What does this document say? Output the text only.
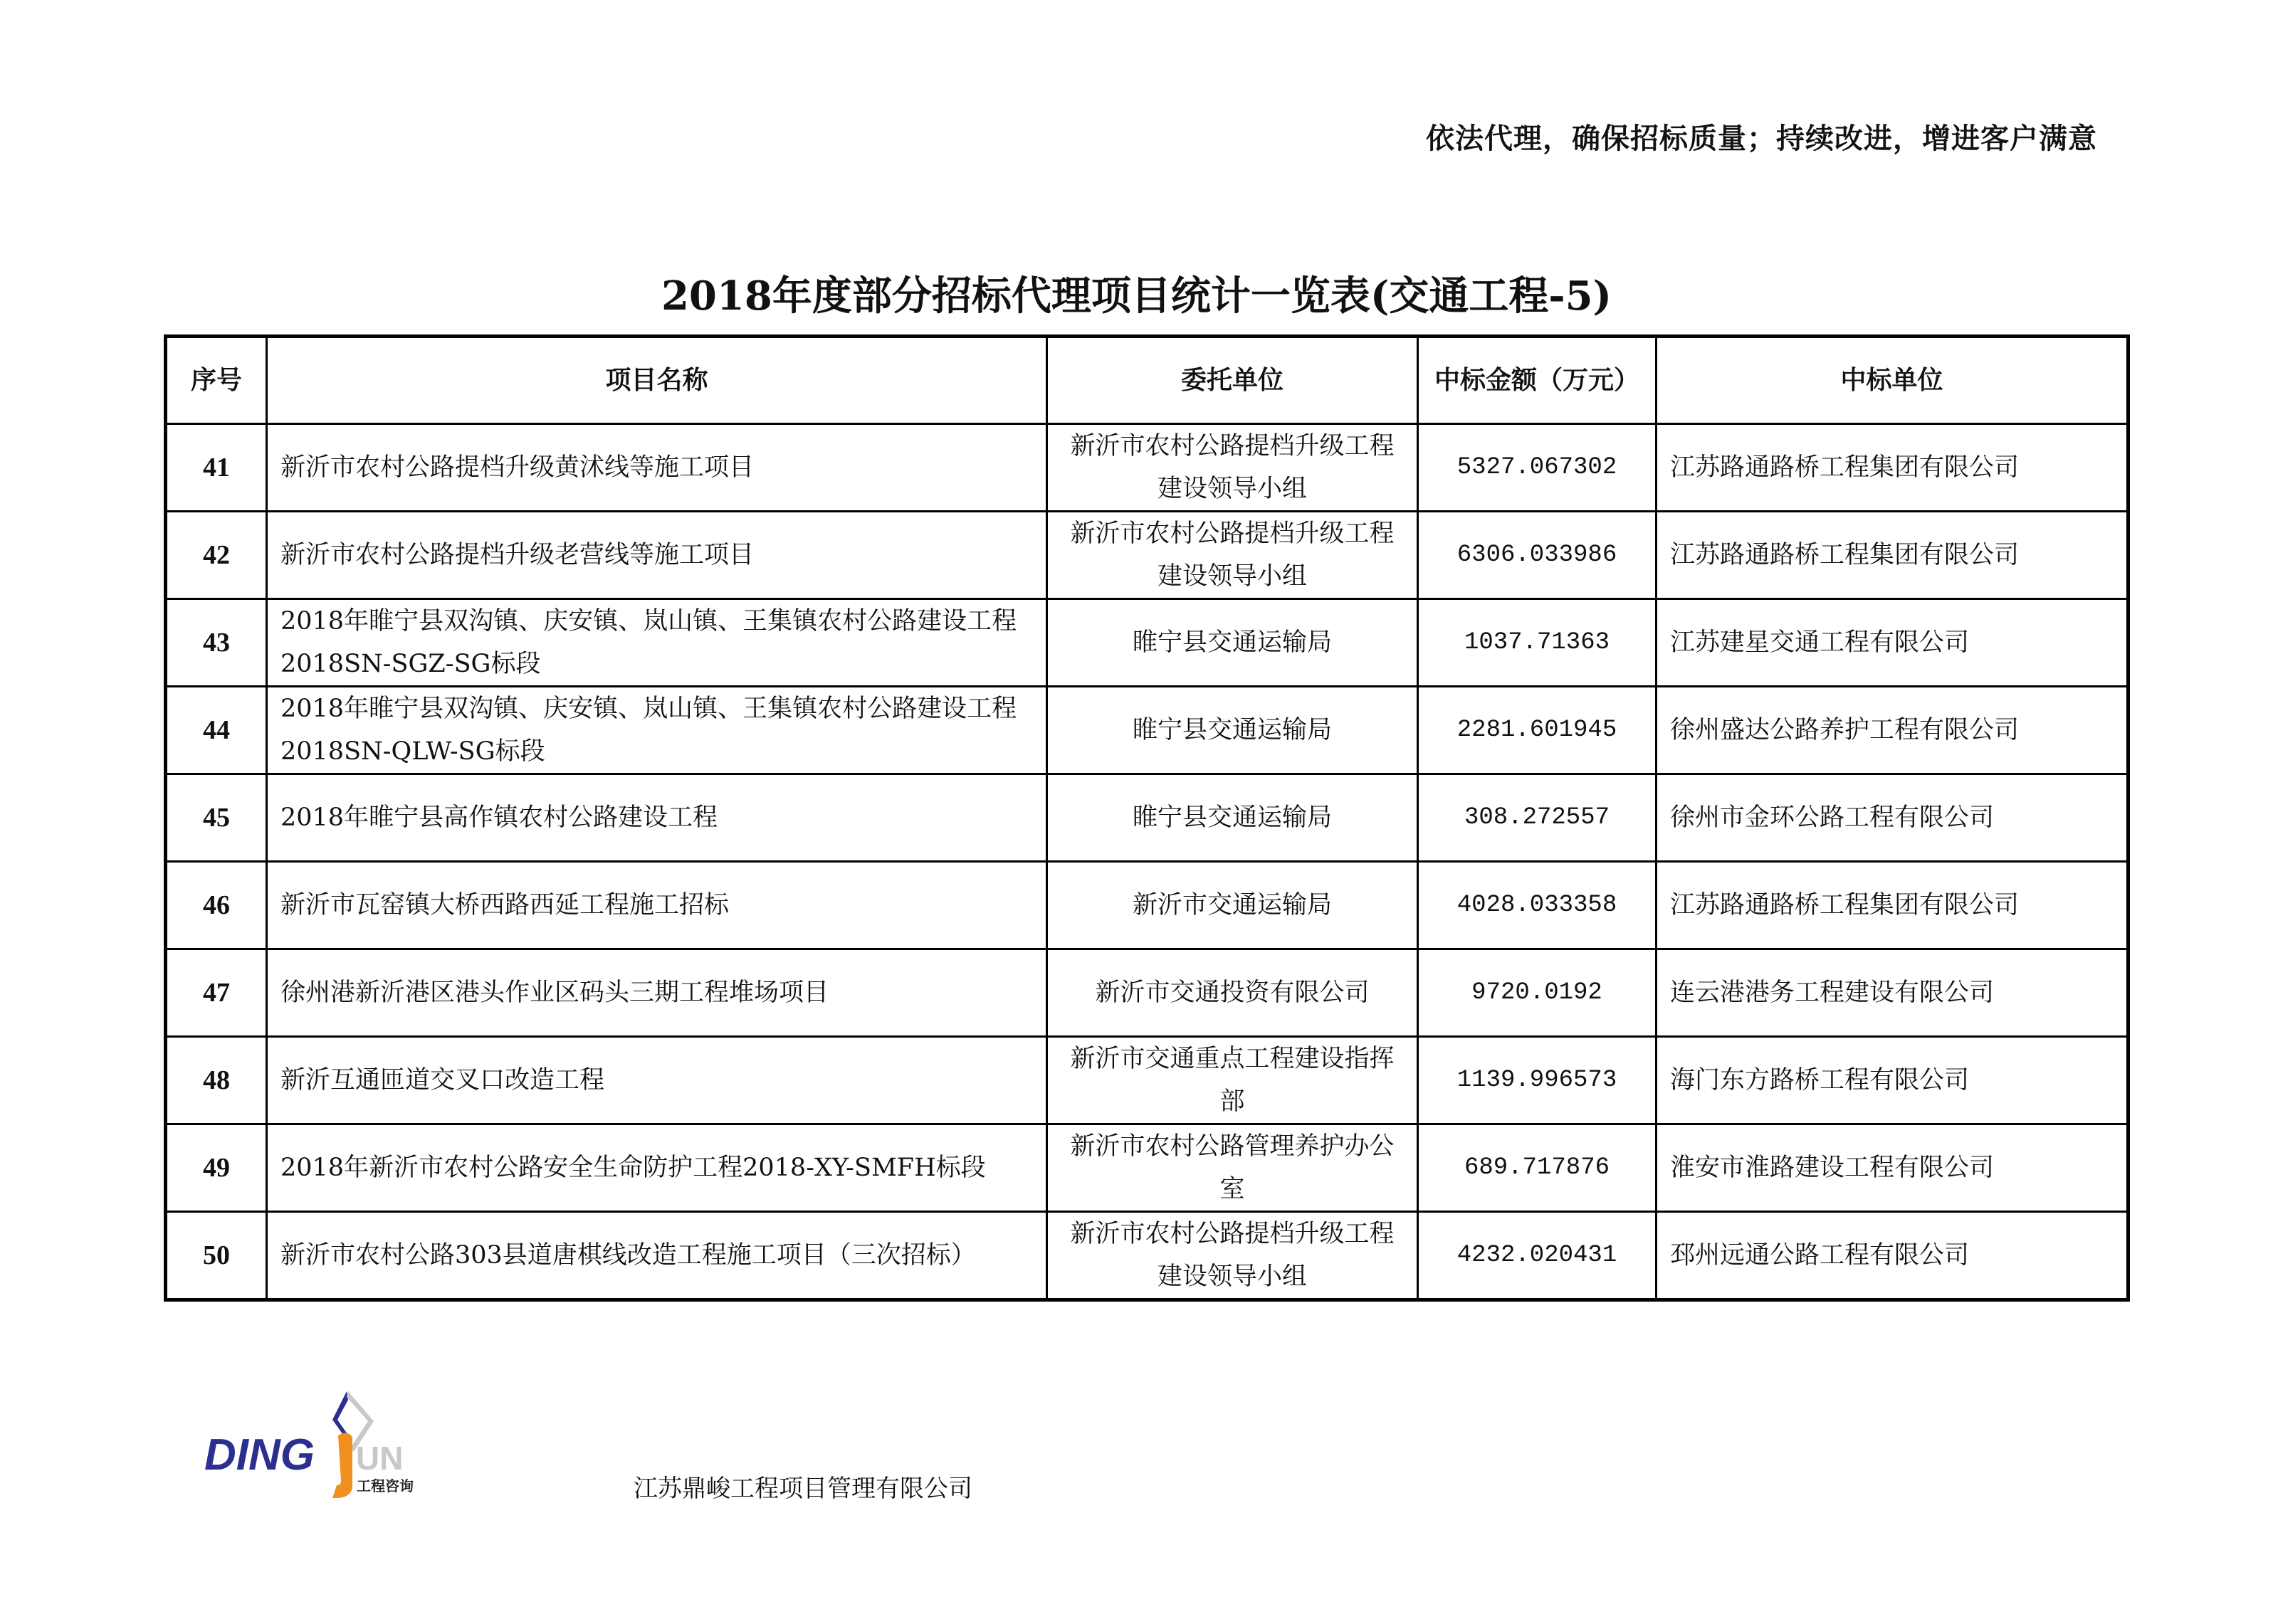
依法代理，确保招标质量；持续改进，增进客户满意
2018年度部分招标代理项目统计一览表(交通工程-5)
序号	项目名称	委托单位	中标金额（万元）	中标单位
41	新沂市农村公路提档升级黄沭线等施工项目	新沂市农村公路提档升级工程建设领导小组	5327.067302	江苏路通路桥工程集团有限公司
42	新沂市农村公路提档升级老营线等施工项目	新沂市农村公路提档升级工程建设领导小组	6306.033986	江苏路通路桥工程集团有限公司
43	2018年睢宁县双沟镇、庆安镇、岚山镇、王集镇农村公路建设工程2018SN-SGZ-SG标段	睢宁县交通运输局	1037.71363	江苏建星交通工程有限公司
44	2018年睢宁县双沟镇、庆安镇、岚山镇、王集镇农村公路建设工程2018SN-QLW-SG标段	睢宁县交通运输局	2281.601945	徐州盛达公路养护工程有限公司
45	2018年睢宁县高作镇农村公路建设工程	睢宁县交通运输局	308.272557	徐州市金环公路工程有限公司
46	新沂市瓦窑镇大桥西路西延工程施工招标	新沂市交通运输局	4028.033358	江苏路通路桥工程集团有限公司
47	徐州港新沂港区港头作业区码头三期工程堆场项目	新沂市交通投资有限公司	9720.0192	连云港港务工程建设有限公司
48	新沂互通匝道交叉口改造工程	新沂市交通重点工程建设指挥部	1139.996573	海门东方路桥工程有限公司
49	2018年新沂市农村公路安全生命防护工程2018-XY-SMFH标段	新沂市农村公路管理养护办公室	689.717876	淮安市淮路建设工程有限公司
50	新沂市农村公路303县道唐棋线改造工程施工项目（三次招标）	新沂市农村公路提档升级工程建设领导小组	4232.020431	邳州远通公路工程有限公司
DING UN
工程咨询	江苏鼎峻工程项目管理有限公司
